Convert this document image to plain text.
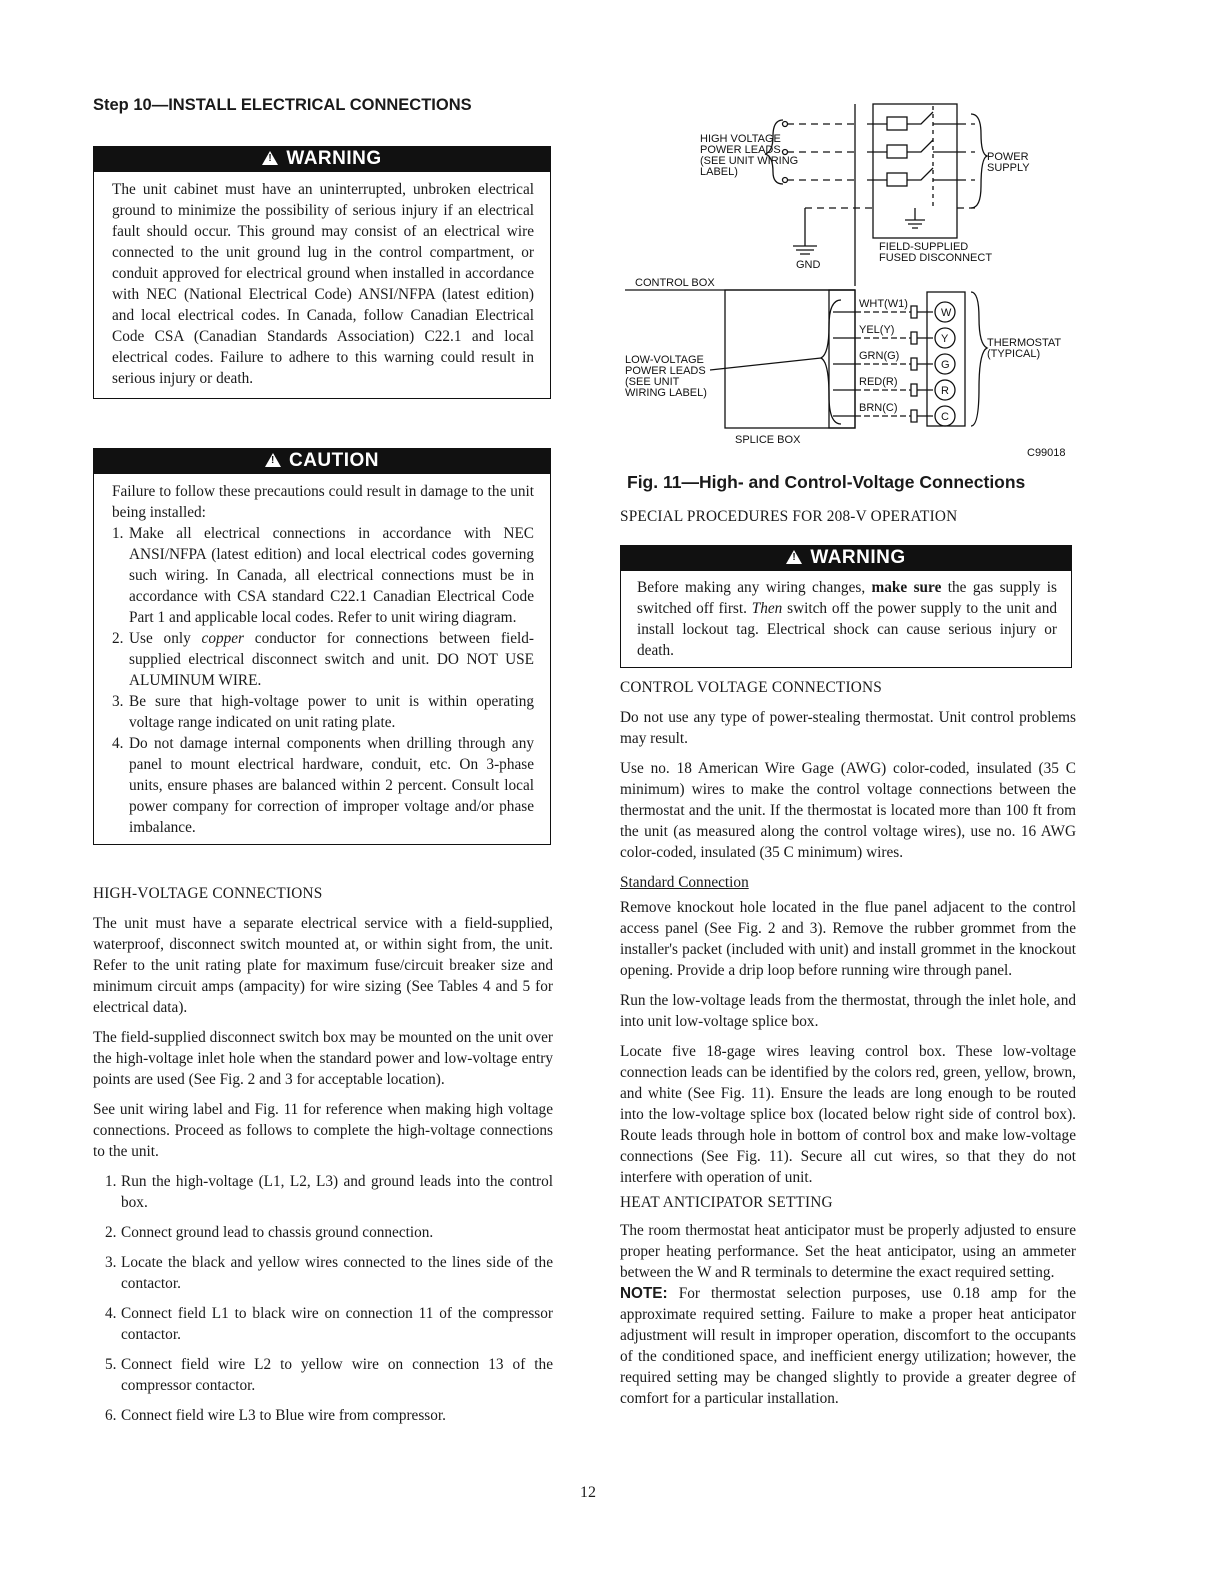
Step 10—INSTALL ELECTRICAL CONNECTIONS
!WARNING
The unit cabinet must have an uninterrupted, unbroken electrical ground to minimize the possibility of serious injury if an electrical fault should occur. This ground may consist of an electrical wire connected to the unit ground lug in the control compartment, or conduit approved for electrical ground when installed in accordance with NEC (National Electrical Code) ANSI/NFPA (latest edition) and local electrical codes. In Canada, follow Canadian Electrical Code CSA (Canadian Standards Association) C22.1 and local electrical codes. Failure to adhere to this warning could result in serious injury or death.
!CAUTION
Failure to follow these precautions could result in damage to the unit being installed:
1. Make all electrical connections in accordance with NEC ANSI/NFPA (latest edition) and local electrical codes governing such wiring. In Canada, all electrical connections must be in accordance with CSA standard C22.1 Canadian Electrical Code Part 1 and applicable local codes. Refer to unit wiring diagram.
2. Use only copper conductor for connections between field-supplied electrical disconnect switch and unit. DO NOT USE ALUMINUM WIRE.
3. Be sure that high-voltage power to unit is within operating voltage range indicated on unit rating plate.
4. Do not damage internal components when drilling through any panel to mount electrical hardware, conduit, etc. On 3-phase units, ensure phases are balanced within 2 percent. Consult local power company for correction of improper voltage and/or phase imbalance.
HIGH-VOLTAGE CONNECTIONS

The unit must have a separate electrical service with a field-supplied, waterproof, disconnect switch mounted at, or within sight from, the unit. Refer to the unit rating plate for maximum fuse/circuit breaker size and minimum circuit amps (ampacity) for wire sizing (See Tables 4 and 5 for electrical data).

The field-supplied disconnect switch box may be mounted on the unit over the high-voltage inlet hole when the standard power and low-voltage entry points are used (See Fig. 2 and 3 for acceptable location).

See unit wiring label and Fig. 11 for reference when making high voltage connections. Proceed as follows to complete the high-voltage connections to the unit.

1. Run the high-voltage (L1, L2, L3) and ground leads into the control box.
2. Connect ground lead to chassis ground connection.
3. Locate the black and yellow wires connected to the lines side of the contactor.
4. Connect field L1 to black wire on connection 11 of the compressor contactor.
5. Connect field wire L2 to yellow wire on connection 13 of the compressor contactor.
6. Connect field wire L3 to Blue wire from compressor.
HIGH VOLTAGE
POWER LEADS
(SEE UNIT WIRING
LABEL)
POWER
SUPPLY
GND
FIELD-SUPPLIED
FUSED DISCONNECT
CONTROL BOX
LOW-VOLTAGE
POWER LEADS
(SEE UNIT
WIRING LABEL)
WHT(W1)
YEL(Y)
GRN(G)
RED(R)
BRN(C)
W
Y
G
R
C
THERMOSTAT
(TYPICAL)
SPLICE BOX
C99018
Fig. 11—High- and Control-Voltage Connections
SPECIAL PROCEDURES FOR 208-V OPERATION
!WARNING
Before making any wiring changes, make sure the gas supply is switched off first. Then switch off the power supply to the unit and install lockout tag. Electrical shock can cause serious injury or death.
CONTROL VOLTAGE CONNECTIONS

Do not use any type of power-stealing thermostat. Unit control problems may result.

Use no. 18 American Wire Gage (AWG) color-coded, insulated (35 C minimum) wires to make the control voltage connections between the thermostat and the unit. If the thermostat is located more than 100 ft from the unit (as measured along the control voltage wires), use no. 16 AWG color-coded, insulated (35 C minimum) wires.

Standard Connection

Remove knockout hole located in the flue panel adjacent to the control access panel (See Fig. 2 and 3). Remove the rubber grommet from the installer's packet (included with unit) and install grommet in the knockout opening. Provide a drip loop before running wire through panel.

Run the low-voltage leads from the thermostat, through the inlet hole, and into unit low-voltage splice box.

Locate five 18-gage wires leaving control box. These low-voltage connection leads can be identified by the colors red, green, yellow, brown, and white (See Fig. 11). Ensure the leads are long enough to be routed into the low-voltage splice box (located below right side of control box). Route leads through hole in bottom of control box and make low-voltage connections (See Fig. 11). Secure all cut wires, so that they do not interfere with operation of unit.

HEAT ANTICIPATOR SETTING

The room thermostat heat anticipator must be properly adjusted to ensure proper heating performance. Set the heat anticipator, using an ammeter between the W and R terminals to determine the exact required setting.

NOTE: For thermostat selection purposes, use 0.18 amp for the approximate required setting. Failure to make a proper heat anticipator adjustment will result in improper operation, discomfort to the occupants of the conditioned space, and inefficient energy utilization; however, the required setting may be changed slightly to provide a greater degree of comfort for a particular installation.

12
